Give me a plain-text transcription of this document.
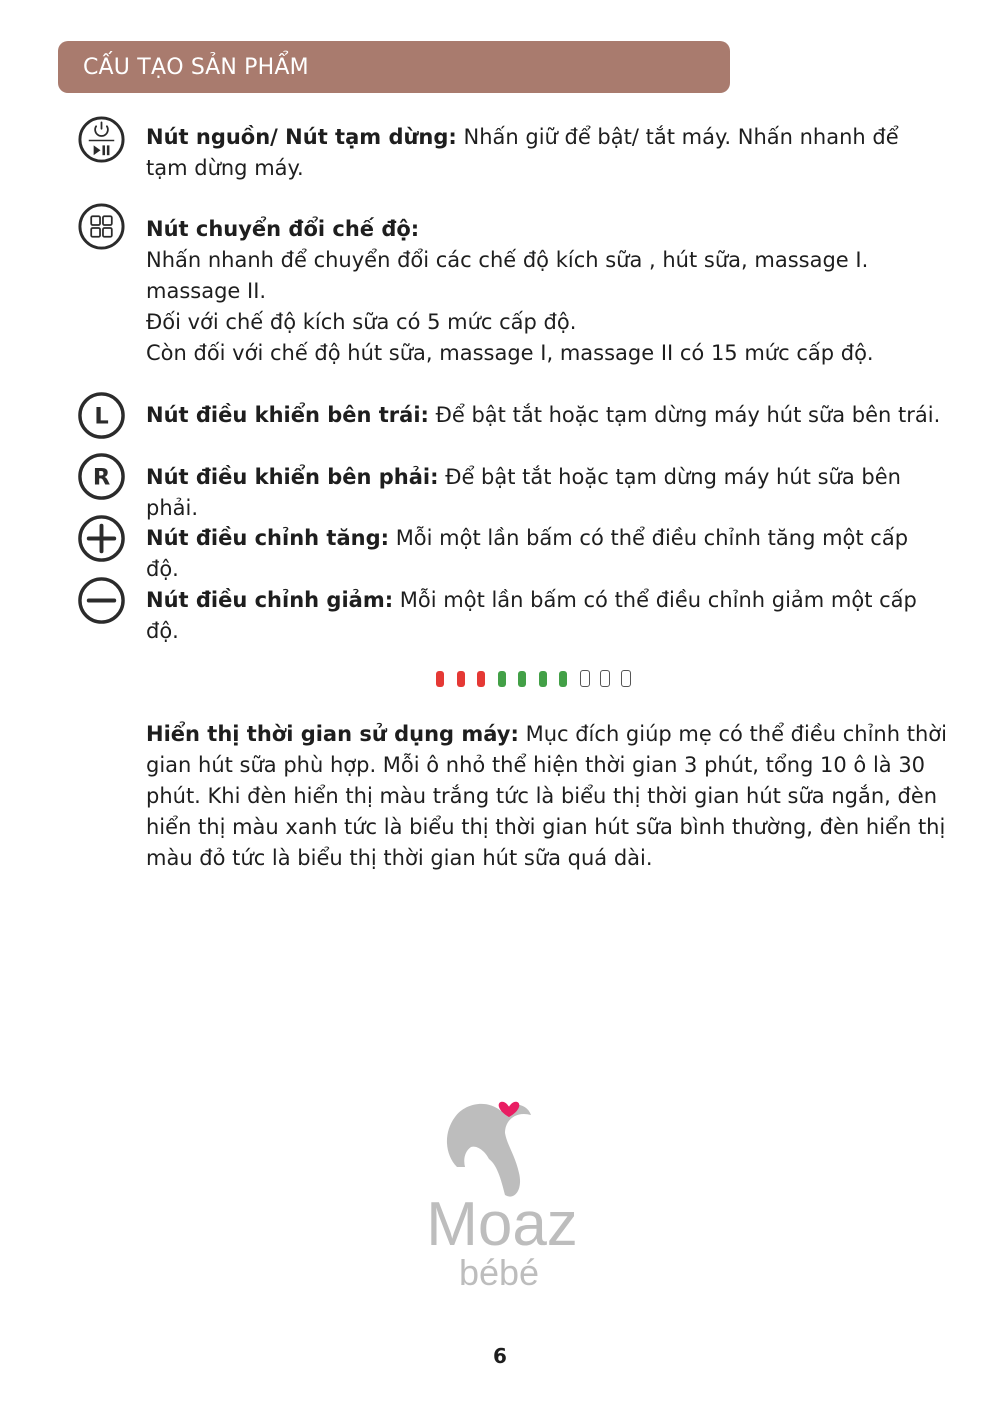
CẤU TẠO SẢN PHẨM
Nút nguồn/ Nút tạm dừng: Nhấn giữ để bật/ tắt máy. Nhấn nhanh để tạm dừng máy.
Nút chuyển đổi chế độ:
Nhấn nhanh để chuyển đổi các chế độ kích sữa , hút sữa, massage I. massage II.
Đối với chế độ kích sữa có 5 mức cấp độ.
Còn đối với chế độ hút sữa, massage I, massage II có 15 mức cấp độ.
L Nút điều khiển bên trái: Để bật tắt hoặc tạm dừng máy hút sữa bên trái.
R Nút điều khiển bên phải: Để bật tắt hoặc tạm dừng máy hút sữa bên phải.
Nút điều chỉnh tăng: Mỗi một lần bấm có thể điều chỉnh tăng một cấp độ.
Nút điều chỉnh giảm: Mỗi một lần bấm có thể điều chỉnh giảm một cấp độ.
Hiển thị thời gian sử dụng máy: Mục đích giúp mẹ có thể điều chỉnh thời gian hút sữa phù hợp. Mỗi ô nhỏ thể hiện thời gian 3 phút, tổng 10 ô là 30 phút. Khi đèn hiển thị màu trắng tức là biểu thị thời gian hút sữa ngắn, đèn hiển thị màu xanh tức là biểu thị thời gian hút sữa bình thường, đèn hiển thị màu đỏ tức là biểu thị thời gian hút sữa quá dài.
Moaz
bébé
6
